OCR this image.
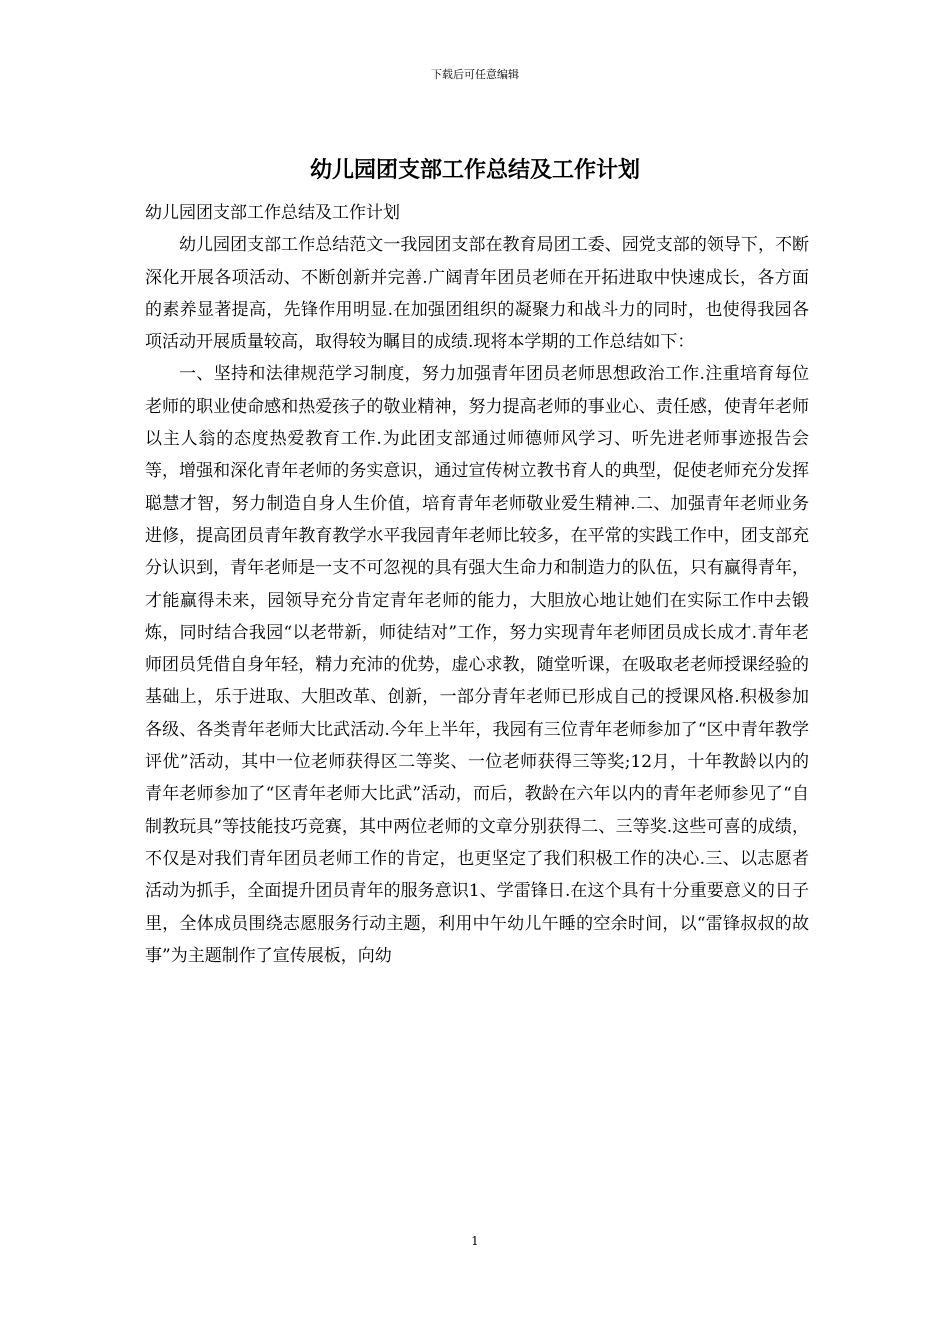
下载后可任意编辑
幼儿园团支部工作总结及工作计划

幼儿园团支部工作总结及工作计划

幼儿园团支部工作总结范文一我园团支部在教育局团工委、园党支部的领导下，不断深化开展各项活动、不断创新并完善.广阔青年团员老师在开拓进取中快速成长，各方面的素养显著提高，先锋作用明显.在加强团组织的凝聚力和战斗力的同时，也使得我园各项活动开展质量较高，取得较为瞩目的成绩.现将本学期的工作总结如下：

一、坚持和法律规范学习制度，努力加强青年团员老师思想政治工作.注重培育每位老师的职业使命感和热爱孩子的敬业精神，努力提高老师的事业心、责任感，使青年老师以主人翁的态度热爱教育工作.为此团支部通过师德师风学习、听先进老师事迹报告会等，增强和深化青年老师的务实意识，通过宣传树立教书育人的典型，促使老师充分发挥聪慧才智，努力制造自身人生价值，培育青年老师敬业爱生精神.二、加强青年老师业务进修，提高团员青年教育教学水平我园青年老师比较多，在平常的实践工作中，团支部充分认识到，青年老师是一支不可忽视的具有强大生命力和制造力的队伍，只有赢得青年，才能赢得未来，园领导充分肯定青年老师的能力，大胆放心地让她们在实际工作中去锻炼，同时结合我园“以老带新，师徒结对”工作，努力实现青年老师团员成长成才.青年老师团员凭借自身年轻，精力充沛的优势，虚心求教，随堂听课，在吸取老老师授课经验的基础上，乐于进取、大胆改革、创新，一部分青年老师已形成自己的授课风格.积极参加各级、各类青年老师大比武活动.今年上半年，我园有三位青年老师参加了“区中青年教学评优”活动，其中一位老师获得区二等奖、一位老师获得三等奖;12月，十年教龄以内的青年老师参加了“区青年老师大比武”活动，而后，教龄在六年以内的青年老师参见了“自制教玩具”等技能技巧竞赛，其中两位老师的文章分别获得二、三等奖.这些可喜的成绩，不仅是对我们青年团员老师工作的肯定，也更坚定了我们积极工作的决心.三、以志愿者活动为抓手，全面提升团员青年的服务意识1、学雷锋日.在这个具有十分重要意义的日子里，全体成员围绕志愿服务行动主题，利用中午幼儿午睡的空余时间，以“雷锋叔叔的故事”为主题制作了宣传展板，向幼

1
